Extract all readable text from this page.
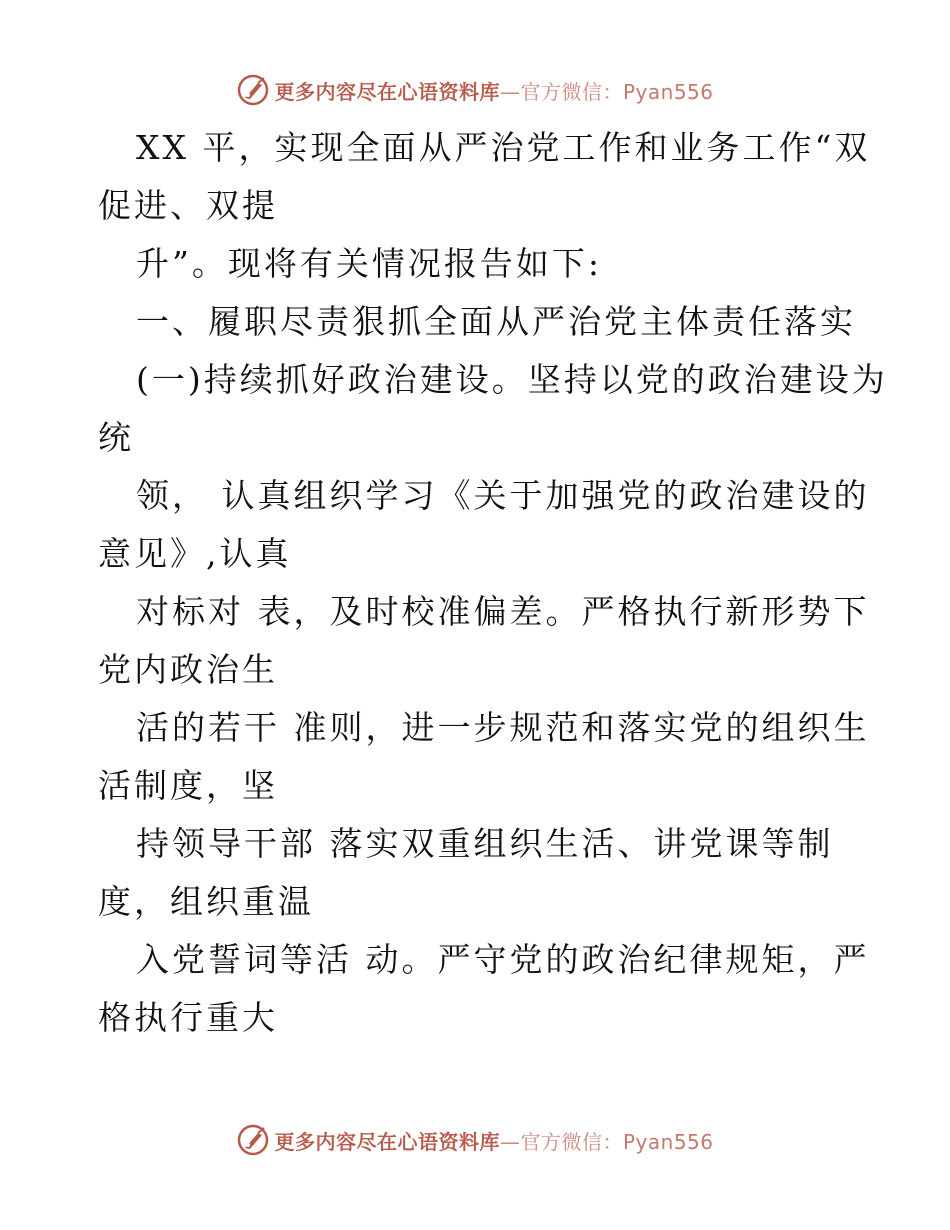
更多内容尽在心语资料库—官方微信：Pyan556

XX 平，实现全面从严治党工作和业务工作“双

促进、双提

升”。现将有关情况报告如下:

一、履职尽责狠抓全面从严治党主体责任落实

(一)持续抓好政治建设。坚持以党的政治建设为

统

领， 认真组织学习《关于加强党的政治建设的

意见》,认真

对标对 表，及时校准偏差。严格执行新形势下

党内政治生

活的若干 准则，进一步规范和落实党的组织生

活制度，坚

持领导干部 落实双重组织生活、讲党课等制

度，组织重温

入党誓词等活 动。严守党的政治纪律规矩，严

格执行重大

更多内容尽在心语资料库—官方微信：Pyan556
